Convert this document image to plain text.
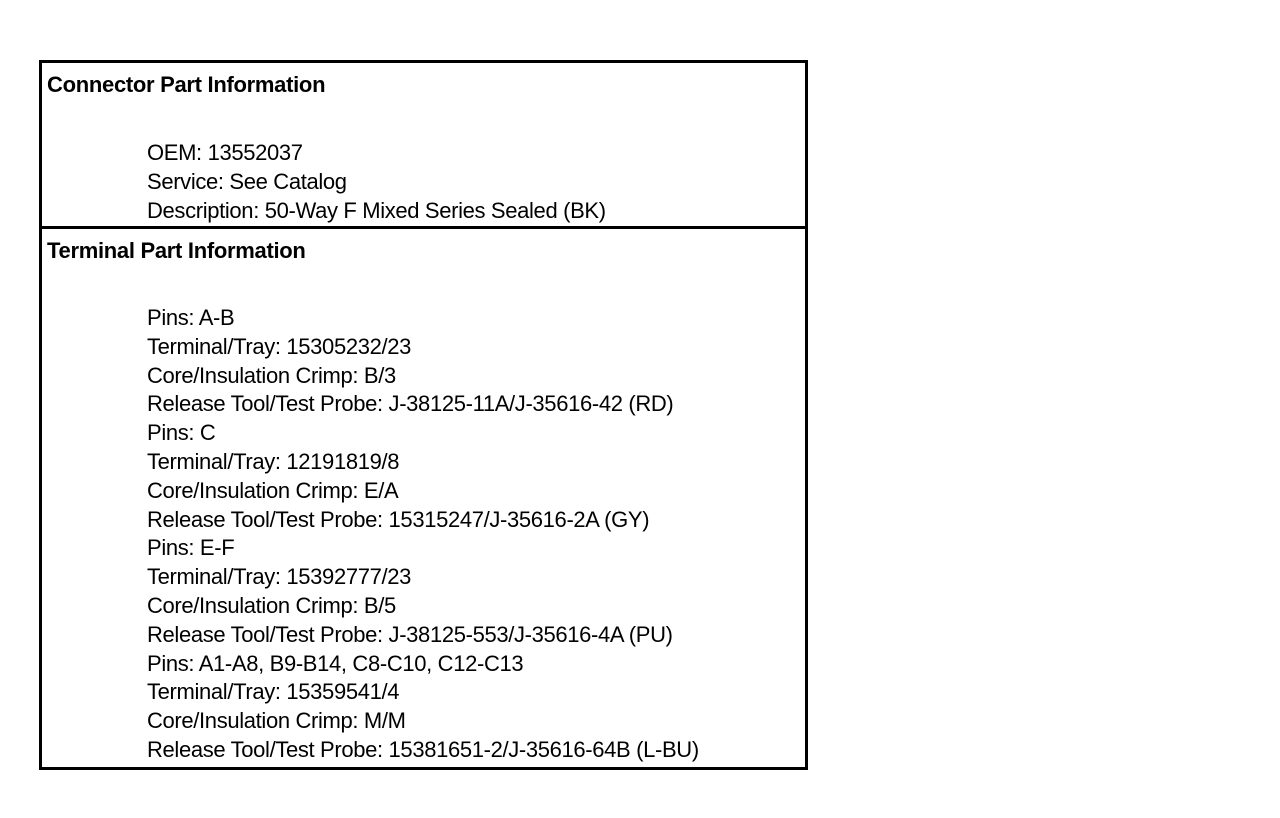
Connector Part Information
OEM: 13552037
Service: See Catalog
Description: 50-Way F Mixed Series Sealed (BK)
Terminal Part Information
Pins: A-B
Terminal/Tray: 15305232/23
Core/Insulation Crimp: B/3
Release Tool/Test Probe: J-38125-11A/J-35616-42 (RD)
Pins: C
Terminal/Tray: 12191819/8
Core/Insulation Crimp: E/A
Release Tool/Test Probe: 15315247/J-35616-2A (GY)
Pins: E-F
Terminal/Tray: 15392777/23
Core/Insulation Crimp: B/5
Release Tool/Test Probe: J-38125-553/J-35616-4A (PU)
Pins: A1-A8, B9-B14, C8-C10, C12-C13
Terminal/Tray: 15359541/4
Core/Insulation Crimp: M/M
Release Tool/Test Probe: 15381651-2/J-35616-64B (L-BU)
